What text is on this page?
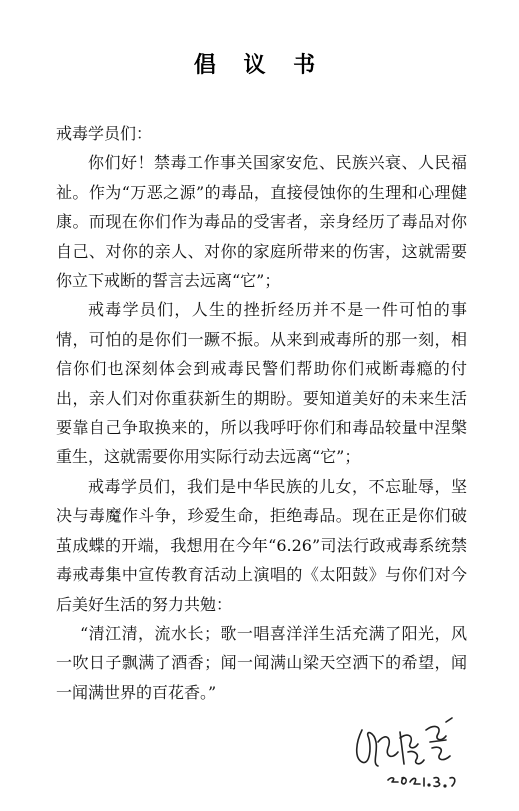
倡 议 书

戒毒学员们：

你们好！禁毒工作事关国家安危、民族兴衰、人民福祉。作为“万恶之源”的毒品，直接侵蚀你的生理和心理健康。而现在你们作为毒品的受害者，亲身经历了毒品对你自己、对你的亲人、对你的家庭所带来的伤害，这就需要你立下戒断的誓言去远离“它”；

戒毒学员们，人生的挫折经历并不是一件可怕的事情，可怕的是你们一蹶不振。从来到戒毒所的那一刻，相信你们也深刻体会到戒毒民警们帮助你们戒断毒瘾的付出，亲人们对你重获新生的期盼。要知道美好的未来生活要靠自己争取换来的，所以我呼吁你们和毒品较量中涅槃重生，这就需要你用实际行动去远离“它”；

戒毒学员们，我们是中华民族的儿女，不忘耻辱，坚决与毒魔作斗争，珍爱生命，拒绝毒品。现在正是你们破茧成蝶的开端，我想用在今年“6.26”司法行政戒毒系统禁毒戒毒集中宣传教育活动上演唱的《太阳鼓》与你们对今后美好生活的努力共勉：

“清江清，流水长；歌一唱喜洋洋生活充满了阳光，风一吹日子飘满了酒香；闻一闻满山梁天空洒下的希望，闻一闻满世界的百花香。”
